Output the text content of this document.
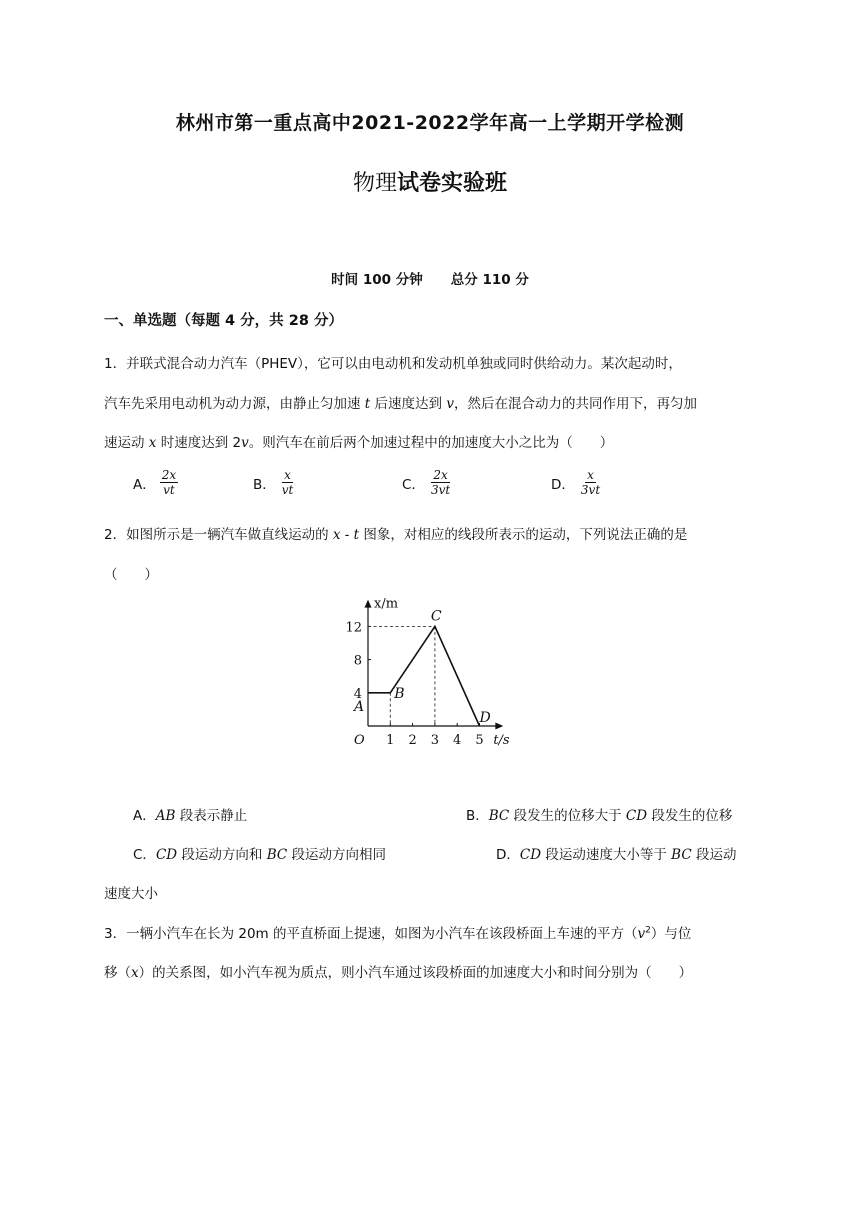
林州市第一重点高中2021-2022学年高一上学期开学检测
物理试卷实验班
时间 100 分钟 总分 110 分
一、单选题（每题 4 分，共 28 分）
1．并联式混合动力汽车（PHEV），它可以由电动机和发动机单独或同时供给动力。某次起动时，
汽车先采用电动机为动力源，由静止匀加速 t 后速度达到 v，然后在混合动力的共同作用下，再匀加
速运动 x 时速度达到 2v。则汽车在前后两个加速过程中的加速度大小之比为（　　）
A． $\frac{2x}{vt}$	B． $\frac{x}{vt}$	C． $\frac{2x}{3vt}$	D． $\frac{x}{3vt}$
2．如图所示是一辆汽车做直线运动的 x - t 图象，对相应的线段所表示的运动，下列说法正确的是
（　　）
x/m
t/s
O 1 2 3 4 5
4
8
12
A
B
C
D
A．AB 段表示静止	B．BC 段发生的位移大于 CD 段发生的位移
C．CD 段运动方向和 BC 段运动方向相同	D．CD 段运动速度大小等于 BC 段运动
速度大小
3．一辆小汽车在长为 20m 的平直桥面上提速，如图为小汽车在该段桥面上车速的平方$(v^2)$与位
移（x）的关系图，如小汽车视为质点，则小汽车通过该段桥面的加速度大小和时间分别为（　　）
